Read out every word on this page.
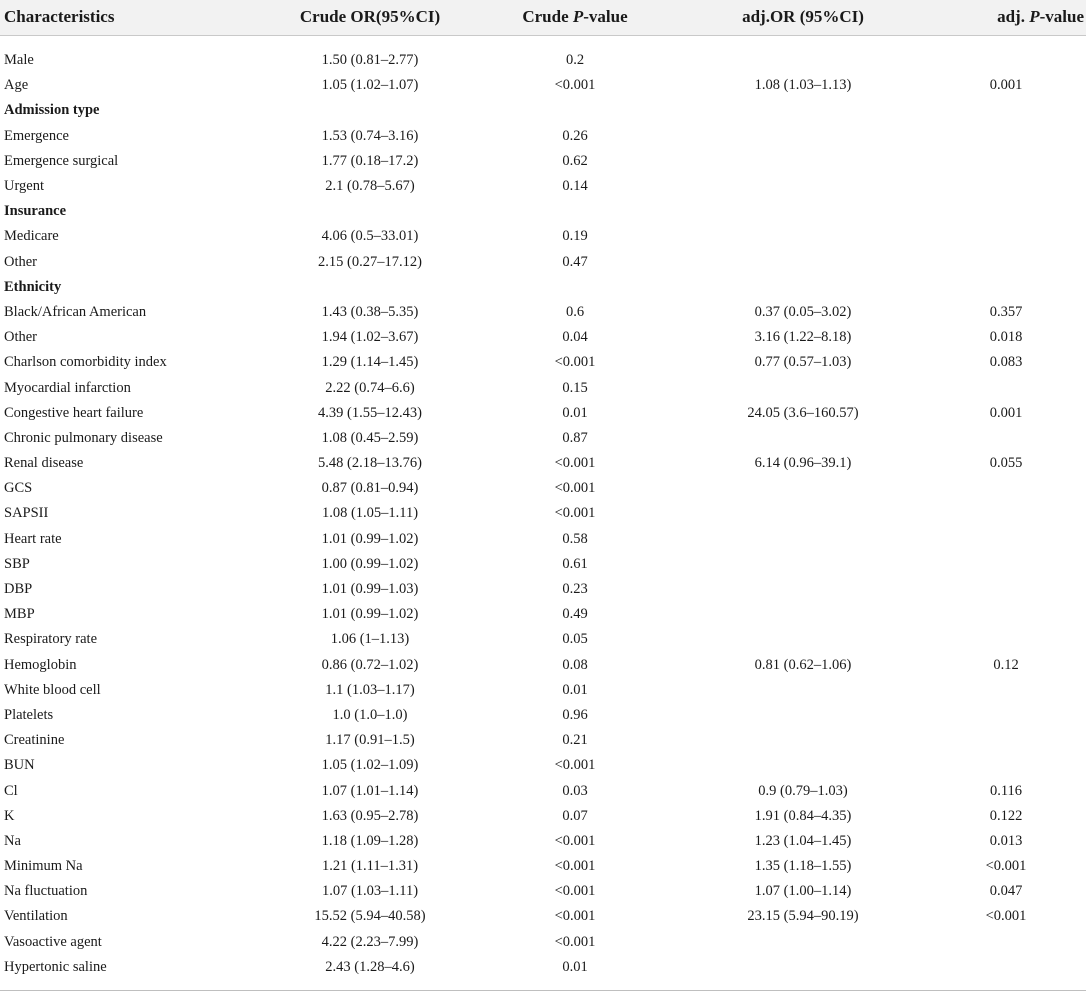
Characteristics	Crude OR(95%CI)	Crude P-value	adj.OR (95%CI)	adj. P-value

Male	1.50 (0.81–2.77)	0.2		
Age	1.05 (1.02–1.07)	<0.001	1.08 (1.03–1.13)	0.001
Admission type				
Emergence	1.53 (0.74–3.16)	0.26		
Emergence surgical	1.77 (0.18–17.2)	0.62		
Urgent	2.1 (0.78–5.67)	0.14		
Insurance				
Medicare	4.06 (0.5–33.01)	0.19		
Other	2.15 (0.27–17.12)	0.47		
Ethnicity				
Black/African American	1.43 (0.38–5.35)	0.6	0.37 (0.05–3.02)	0.357
Other	1.94 (1.02–3.67)	0.04	3.16 (1.22–8.18)	0.018
Charlson comorbidity index	1.29 (1.14–1.45)	<0.001	0.77 (0.57–1.03)	0.083
Myocardial infarction	2.22 (0.74–6.6)	0.15		
Congestive heart failure	4.39 (1.55–12.43)	0.01	24.05 (3.6–160.57)	0.001
Chronic pulmonary disease	1.08 (0.45–2.59)	0.87		
Renal disease	5.48 (2.18–13.76)	<0.001	6.14 (0.96–39.1)	0.055
GCS	0.87 (0.81–0.94)	<0.001		
SAPSII	1.08 (1.05–1.11)	<0.001		
Heart rate	1.01 (0.99–1.02)	0.58		
SBP	1.00 (0.99–1.02)	0.61		
DBP	1.01 (0.99–1.03)	0.23		
MBP	1.01 (0.99–1.02)	0.49		
Respiratory rate	1.06 (1–1.13)	0.05		
Hemoglobin	0.86 (0.72–1.02)	0.08	0.81 (0.62–1.06)	0.12
White blood cell	1.1 (1.03–1.17)	0.01		
Platelets	1.0 (1.0–1.0)	0.96		
Creatinine	1.17 (0.91–1.5)	0.21		
BUN	1.05 (1.02–1.09)	<0.001		
Cl	1.07 (1.01–1.14)	0.03	0.9 (0.79–1.03)	0.116
K	1.63 (0.95–2.78)	0.07	1.91 (0.84–4.35)	0.122
Na	1.18 (1.09–1.28)	<0.001	1.23 (1.04–1.45)	0.013
Minimum Na	1.21 (1.11–1.31)	<0.001	1.35 (1.18–1.55)	<0.001
Na fluctuation	1.07 (1.03–1.11)	<0.001	1.07 (1.00–1.14)	0.047
Ventilation	15.52 (5.94–40.58)	<0.001	23.15 (5.94–90.19)	<0.001
Vasoactive agent	4.22 (2.23–7.99)	<0.001		
Hypertonic saline	2.43 (1.28–4.6)	0.01		
